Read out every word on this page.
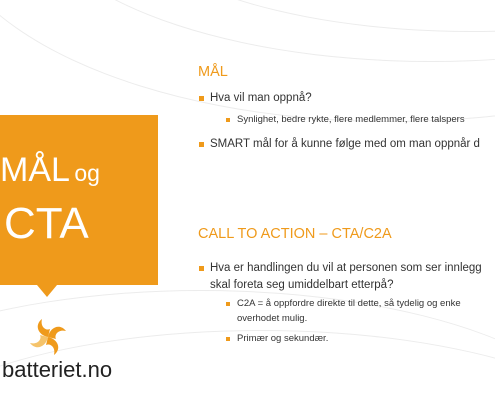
MÅL og
CTA
batteriet.no
MÅL
Hva vil man oppnå?
Synlighet, bedre rykte, flere medlemmer, flere talspers
SMART mål for å kunne følge med om man oppnår d
CALL TO ACTION – CTA/C2A
Hva er handlingen du vil at personen som ser innlegg
skal foreta seg umiddelbart etterpå?
C2A = å oppfordre direkte til dette, så tydelig og enke
overhodet mulig.
Primær og sekundær.
